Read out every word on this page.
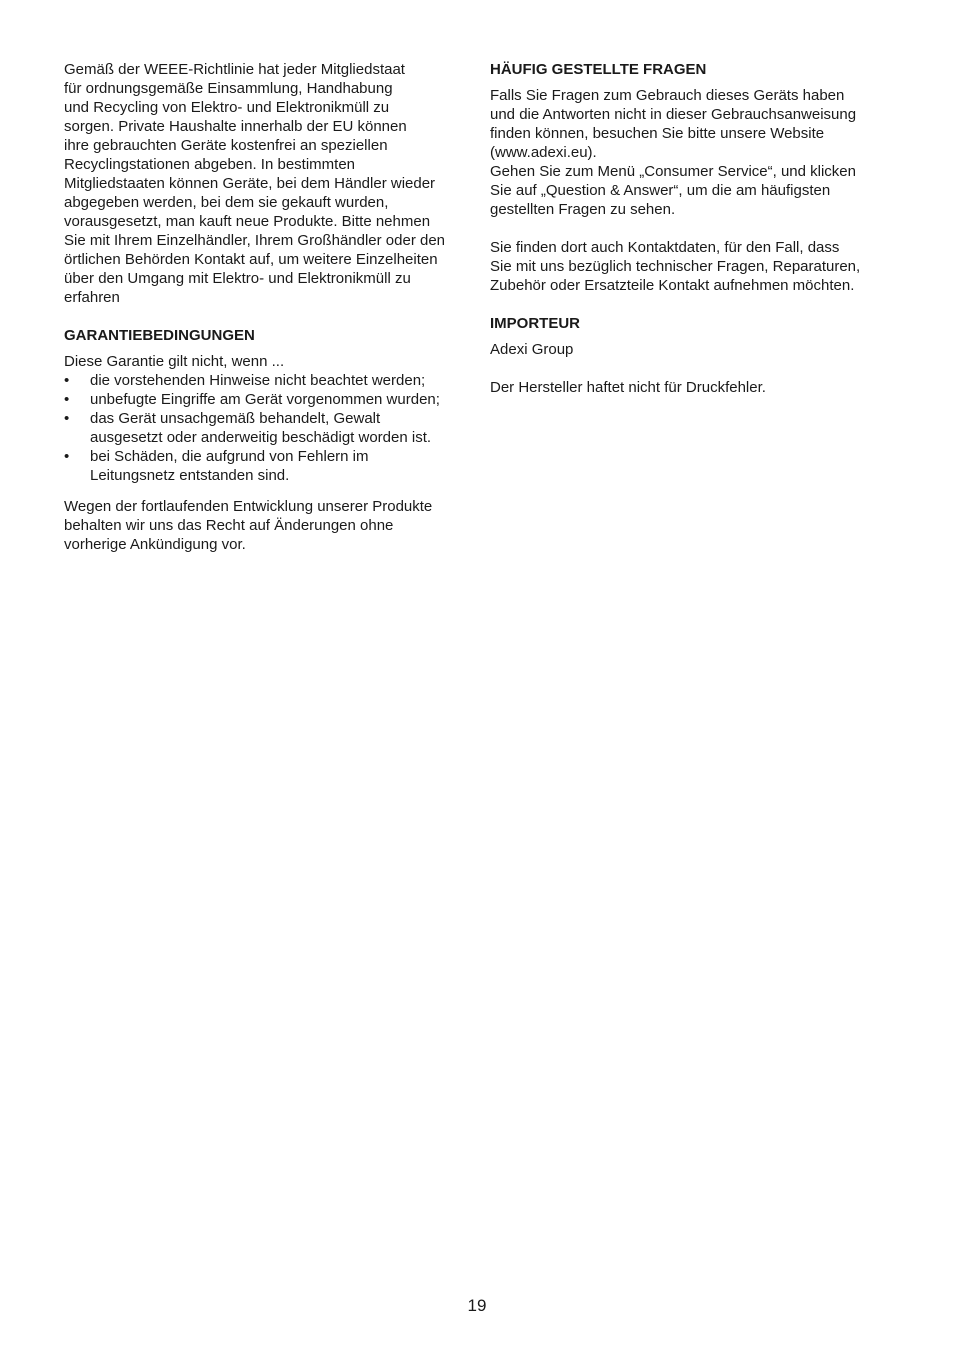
Gemäß der WEEE-Richtlinie hat jeder Mitgliedstaat
für ordnungsgemäße Einsammlung, Handhabung
und Recycling von Elektro- und Elektronikmüll zu
sorgen. Private Haushalte innerhalb der EU können
ihre gebrauchten Geräte kostenfrei an speziellen
Recyclingstationen abgeben. In bestimmten
Mitgliedstaaten können Geräte, bei dem Händler wieder
abgegeben werden, bei dem sie gekauft wurden,
vorausgesetzt, man kauft neue Produkte. Bitte nehmen
Sie mit Ihrem Einzelhändler, Ihrem Großhändler oder den
örtlichen Behörden Kontakt auf, um weitere Einzelheiten
über den Umgang mit Elektro- und Elektronikmüll zu
erfahren

GARANTIEBEDINGUNGEN

Diese Garantie gilt nicht, wenn ...

• die vorstehenden Hinweise nicht beachtet werden;

• unbefugte Eingriffe am Gerät vorgenommen wurden;

• das Gerät unsachgemäß behandelt, Gewalt
ausgesetzt oder anderweitig beschädigt worden ist.

• bei Schäden, die aufgrund von Fehlern im
Leitungsnetz entstanden sind.

Wegen der fortlaufenden Entwicklung unserer Produkte
behalten wir uns das Recht auf Änderungen ohne
vorherige Ankündigung vor.

HÄUFIG GESTELLTE FRAGEN

Falls Sie Fragen zum Gebrauch dieses Geräts haben
und die Antworten nicht in dieser Gebrauchsanweisung
finden können, besuchen Sie bitte unsere Website
(www.adexi.eu).
Gehen Sie zum Menü „Consumer Service“, und klicken
Sie auf „Question & Answer“, um die am häufigsten
gestellten Fragen zu sehen.

Sie finden dort auch Kontaktdaten, für den Fall, dass
Sie mit uns bezüglich technischer Fragen, Reparaturen,
Zubehör oder Ersatzteile Kontakt aufnehmen möchten.

IMPORTEUR

Adexi Group

Der Hersteller haftet nicht für Druckfehler.

19
